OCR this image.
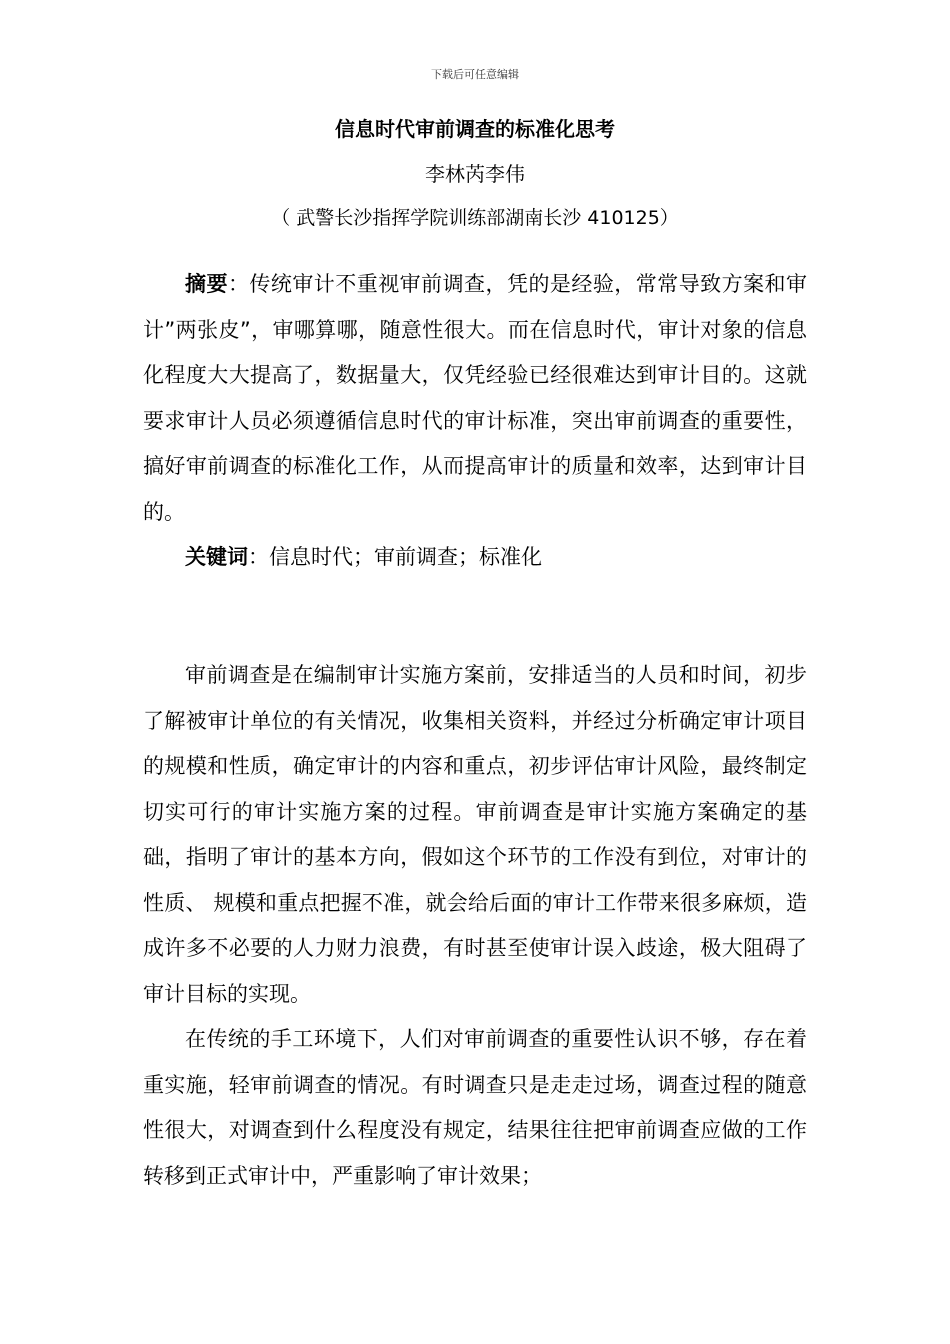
下载后可任意编辑
信息时代审前调查的标准化思考
李林芮李伟
（ 武警长沙指挥学院训练部湖南长沙 410125）

摘要：传统审计不重视审前调查，凭的是经验，常常导致方案和审计”两张皮”，审哪算哪，随意性很大。而在信息时代，审计对象的信息化程度大大提高了，数据量大，仅凭经验已经很难达到审计目的。这就要求审计人员必须遵循信息时代的审计标准，突出审前调查的重要性，搞好审前调查的标准化工作，从而提高审计的质量和效率，达到审计目的。

关键词：信息时代；审前调查；标准化

审前调查是在编制审计实施方案前，安排适当的人员和时间，初步了解被审计单位的有关情况，收集相关资料，并经过分析确定审计项目的规模和性质，确定审计的内容和重点，初步评估审计风险，最终制定切实可行的审计实施方案的过程。审前调查是审计实施方案确定的基础，指明了审计的基本方向，假如这个环节的工作没有到位，对审计的性质、 规模和重点把握不准，就会给后面的审计工作带来很多麻烦，造成许多不必要的人力财力浪费，有时甚至使审计误入歧途，极大阻碍了审计目标的实现。

在传统的手工环境下，人们对审前调查的重要性认识不够，存在着重实施，轻审前调查的情况。有时调查只是走走过场，调查过程的随意性很大，对调查到什么程度没有规定，结果往往把审前调查应做的工作转移到正式审计中，严重影响了审计效果；
